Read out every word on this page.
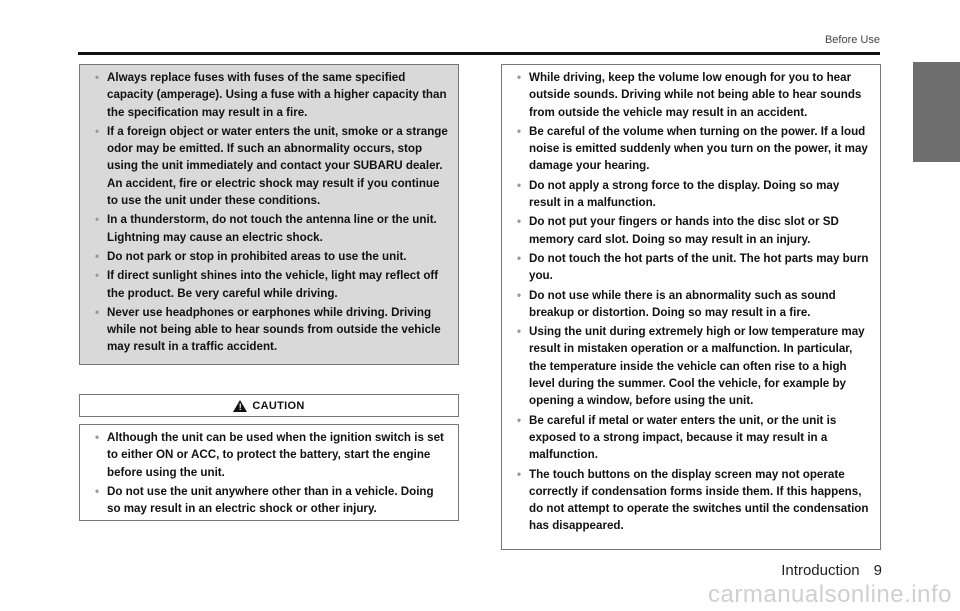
Before Use
• Always replace fuses with fuses of the same specified capacity (amperage). Using a fuse with a higher capacity than the specification may result in a fire.
• If a foreign object or water enters the unit, smoke or a strange odor may be emitted. If such an abnormality occurs, stop using the unit immediately and contact your SUBARU dealer. An accident, fire or electric shock may result if you continue to use the unit under these conditions.
• In a thunderstorm, do not touch the antenna line or the unit. Lightning may cause an electric shock.
• Do not park or stop in prohibited areas to use the unit.
• If direct sunlight shines into the vehicle, light may reflect off the product. Be very careful while driving.
• Never use headphones or earphones while driving. Driving while not being able to hear sounds from outside the vehicle may result in a traffic accident.
! CAUTION
• Although the unit can be used when the ignition switch is set to either ON or ACC, to protect the battery, start the engine before using the unit.
• Do not use the unit anywhere other than in a vehicle. Doing so may result in an electric shock or other injury.
• While driving, keep the volume low enough for you to hear outside sounds. Driving while not being able to hear sounds from outside the vehicle may result in an accident.
• Be careful of the volume when turning on the power. If a loud noise is emitted suddenly when you turn on the power, it may damage your hearing.
• Do not apply a strong force to the display. Doing so may result in a malfunction.
• Do not put your fingers or hands into the disc slot or SD memory card slot. Doing so may result in an injury.
• Do not touch the hot parts of the unit. The hot parts may burn you.
• Do not use while there is an abnormality such as sound breakup or distortion. Doing so may result in a fire.
• Using the unit during extremely high or low temperature may result in mistaken operation or a malfunction. In particular, the temperature inside the vehicle can often rise to a high level during the summer. Cool the vehicle, for example by opening a window, before using the unit.
• Be careful if metal or water enters the unit, or the unit is exposed to a strong impact, because it may result in a malfunction.
• The touch buttons on the display screen may not operate correctly if condensation forms inside them. If this happens, do not attempt to operate the switches until the condensation has disappeared.
Introduction 9
carmanualsonline.info
